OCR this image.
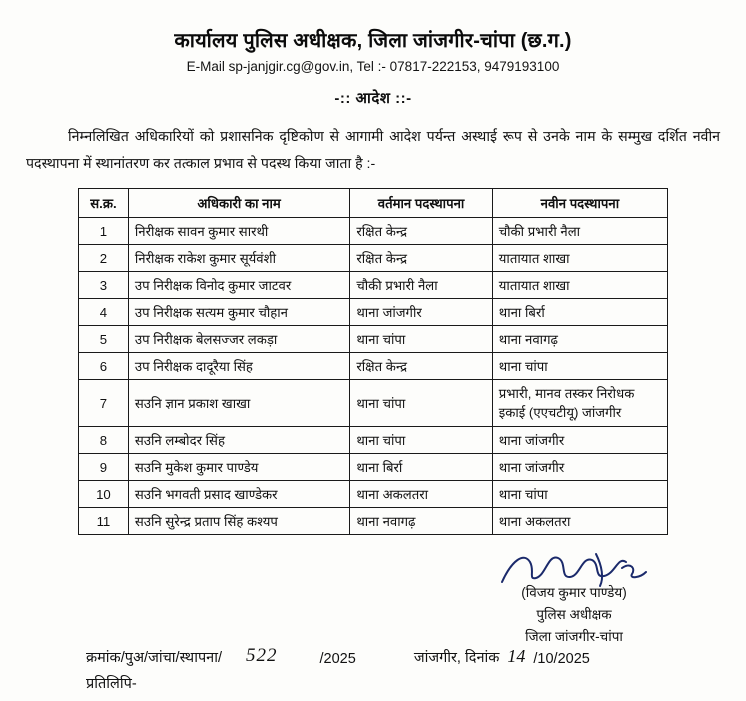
कार्यालय पुलिस अधीक्षक, जिला जांजगीर-चांपा (छ.ग.)
E-Mail sp-janjgir.cg@gov.in, Tel :- 07817-222153, 9479193100
-:: आदेश ::-
निम्नलिखित अधिकारियों को प्रशासनिक दृष्टिकोण से आगामी आदेश पर्यन्त अस्थाई रूप से उनके नाम के सम्मुख दर्शित नवीन पदस्थापना में स्थानांतरण कर तत्काल प्रभाव से पदस्थ किया जाता है :-
स.क्र.	अधिकारी का नाम	वर्तमान पदस्थापना	नवीन पदस्थापना
1	निरीक्षक सावन कुमार सारथी	रक्षित केन्द्र	चौकी प्रभारी नैला
2	निरीक्षक राकेश कुमार सूर्यवंशी	रक्षित केन्द्र	यातायात शाखा
3	उप निरीक्षक विनोद कुमार जाटवर	चौकी प्रभारी नैला	यातायात शाखा
4	उप निरीक्षक सत्यम कुमार चौहान	थाना जांजगीर	थाना बिर्रा
5	उप निरीक्षक बेलसज्जर लकड़ा	थाना चांपा	थाना नवागढ़
6	उप निरीक्षक दादूरैया सिंह	रक्षित केन्द्र	थाना चांपा
7	सउनि ज्ञान प्रकाश खाखा	थाना चांपा	प्रभारी, मानव तस्कर निरोधक इकाई (एएचटीयू) जांजगीर
8	सउनि लम्बोदर सिंह	थाना चांपा	थाना जांजगीर
9	सउनि मुकेश कुमार पाण्डेय	थाना बिर्रा	थाना जांजगीर
10	सउनि भगवती प्रसाद खाण्डेकर	थाना अकलतरा	थाना चांपा
11	सउनि सुरेन्द्र प्रताप सिंह कश्यप	थाना नवागढ़	थाना अकलतरा
(विजय कुमार पाण्डेय)
पुलिस अधीक्षक
जिला जांजगीर-चांपा
क्रमांक/पुअ/जांचा/स्थापना/	522	/2025	जांजगीर, दिनांक 14 /10/2025
प्रतिलिपि-
